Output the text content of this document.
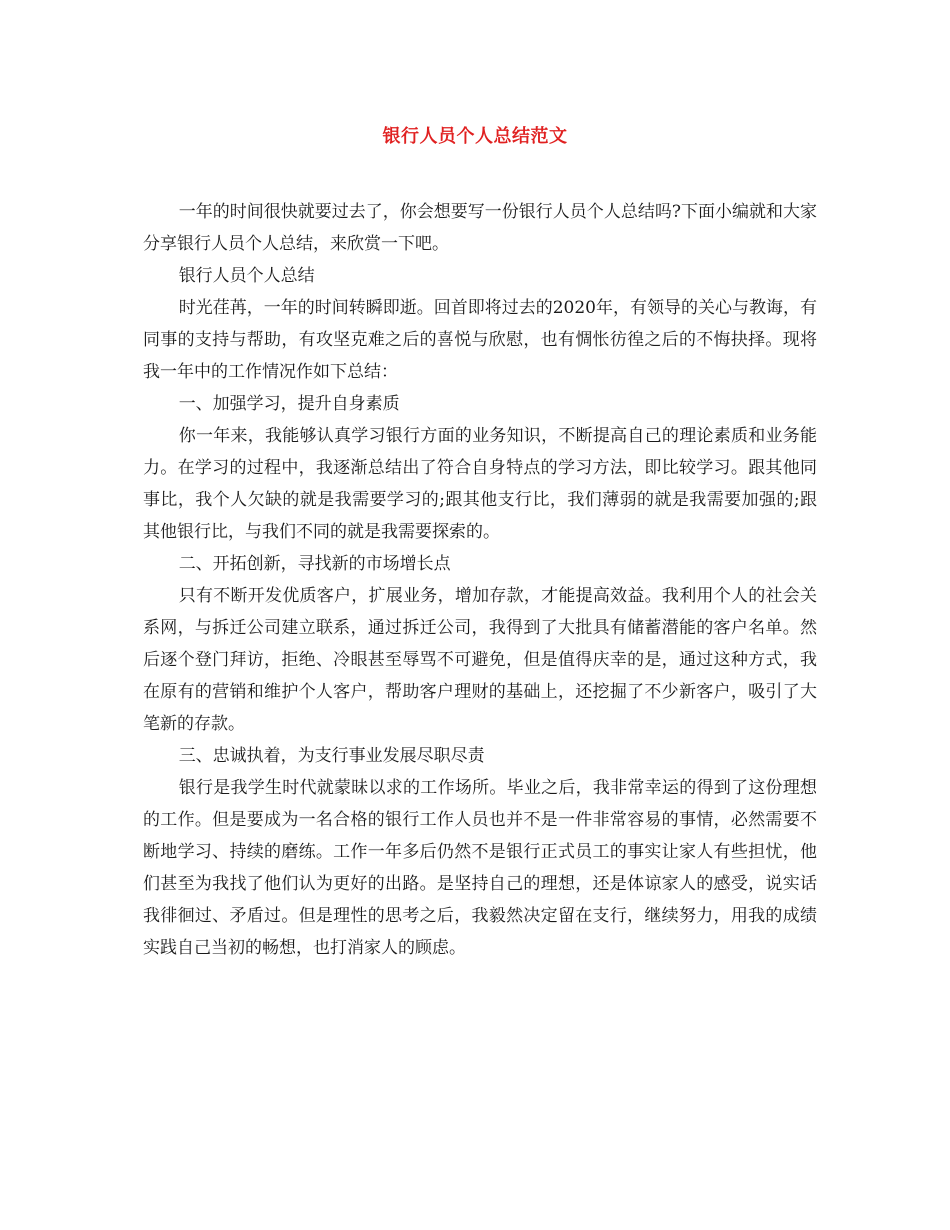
银行人员个人总结范文

一年的时间很快就要过去了，你会想要写一份银行人员个人总结吗?下面小编就和大家分享银行人员个人总结，来欣赏一下吧。

银行人员个人总结

时光荏苒，一年的时间转瞬即逝。回首即将过去的2020年，有领导的关心与教诲，有同事的支持与帮助，有攻坚克难之后的喜悦与欣慰，也有惆怅彷徨之后的不悔抉择。现将我一年中的工作情况作如下总结：

一、加强学习，提升自身素质

你一年来，我能够认真学习银行方面的业务知识，不断提高自己的理论素质和业务能力。在学习的过程中，我逐渐总结出了符合自身特点的学习方法，即比较学习。跟其他同事比，我个人欠缺的就是我需要学习的;跟其他支行比，我们薄弱的就是我需要加强的;跟其他银行比，与我们不同的就是我需要探索的。

二、开拓创新，寻找新的市场增长点

只有不断开发优质客户，扩展业务，增加存款，才能提高效益。我利用个人的社会关系网，与拆迁公司建立联系，通过拆迁公司，我得到了大批具有储蓄潜能的客户名单。然后逐个登门拜访，拒绝、冷眼甚至辱骂不可避免，但是值得庆幸的是，通过这种方式，我在原有的营销和维护个人客户，帮助客户理财的基础上，还挖掘了不少新客户，吸引了大笔新的存款。

三、忠诚执着，为支行事业发展尽职尽责

银行是我学生时代就蒙昧以求的工作场所。毕业之后，我非常幸运的得到了这份理想的工作。但是要成为一名合格的银行工作人员也并不是一件非常容易的事情，必然需要不断地学习、持续的磨练。工作一年多后仍然不是银行正式员工的事实让家人有些担忧，他们甚至为我找了他们认为更好的出路。是坚持自己的理想，还是体谅家人的感受，说实话我徘徊过、矛盾过。但是理性的思考之后，我毅然决定留在支行，继续努力，用我的成绩实践自己当初的畅想，也打消家人的顾虑。
